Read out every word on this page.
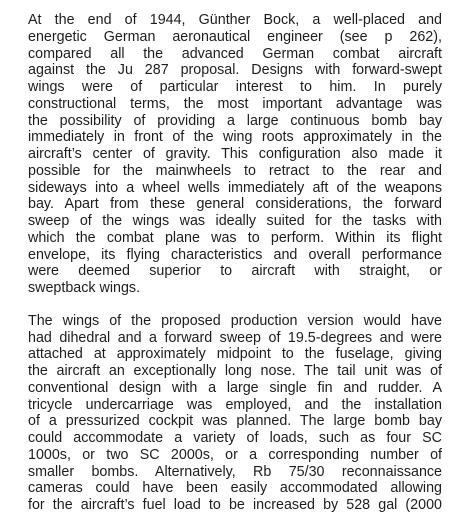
At the end of 1944, Günther Bock, a well-placed and
energetic German aeronautical engineer (see p 262),
compared all the advanced German combat aircraft
against the Ju 287 proposal. Designs with forward-swept
wings were of particular interest to him. In purely
constructional terms, the most important advantage was
the possibility of providing a large continuous bomb bay
immediately in front of the wing roots approximately in the
aircraft’s center of gravity. This configuration also made it
possible for the mainwheels to retract to the rear and
sideways into a wheel wells immediately aft of the weapons
bay. Apart from these general considerations, the forward
sweep of the wings was ideally suited for the tasks with
which the combat plane was to perform. Within its flight
envelope, its flying characteristics and overall performance
were deemed superior to aircraft with straight, or
sweptback wings.
The wings of the proposed production version would have
had dihedral and a forward sweep of 19.5-degrees and were
attached at approximately midpoint to the fuselage, giving
the aircraft an exceptionally long nose. The tail unit was of
conventional design with a large single fin and rudder. A
tricycle undercarriage was employed, and the installation
of a pressurized cockpit was planned. The large bomb bay
could accommodate a variety of loads, such as four SC
1000s, or two SC 2000s, or a corresponding number of
smaller bombs. Alternatively, Rb 75/30 reconnaissance
cameras could have been easily accommodated allowing
for the aircraft’s fuel load to be increased by 528 gal (2000
